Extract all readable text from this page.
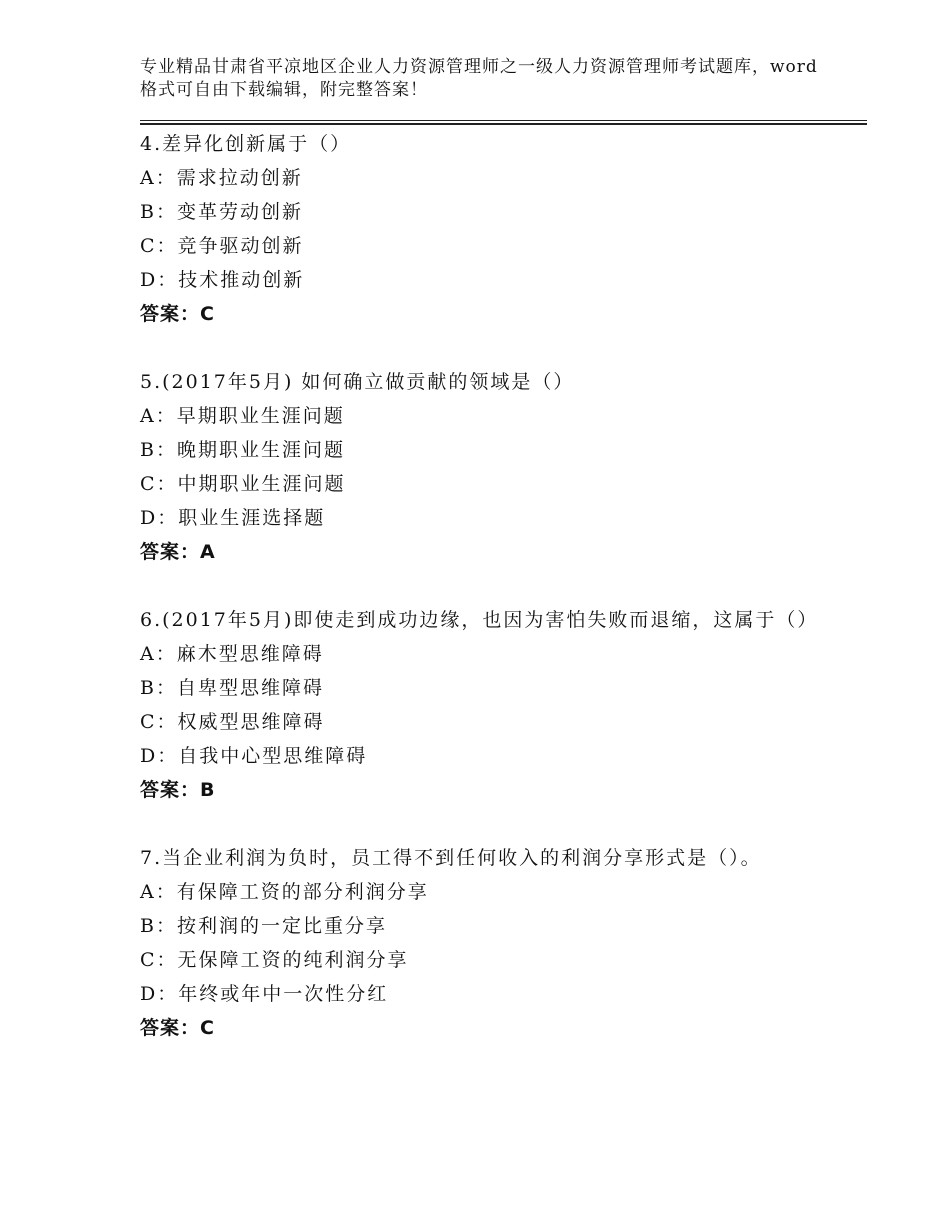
专业精品甘肃省平凉地区企业人力资源管理师之一级人力资源管理师考试题库，word格式可自由下载编辑，附完整答案！
4.差异化创新属于（）
A：需求拉动创新
B：变革劳动创新
C：竞争驱动创新
D：技术推动创新
答案：C
5.(2017年5月) 如何确立做贡献的领域是（）
A：早期职业生涯问题
B：晚期职业生涯问题
C：中期职业生涯问题
D：职业生涯选择题
答案：A
6.(2017年5月)即使走到成功边缘，也因为害怕失败而退缩，这属于（）
A：麻木型思维障碍
B：自卑型思维障碍
C：权威型思维障碍
D：自我中心型思维障碍
答案：B
7.当企业利润为负时，员工得不到任何收入的利润分享形式是（）。
A：有保障工资的部分利润分享
B：按利润的一定比重分享
C：无保障工资的纯利润分享
D：年终或年中一次性分红
答案：C
